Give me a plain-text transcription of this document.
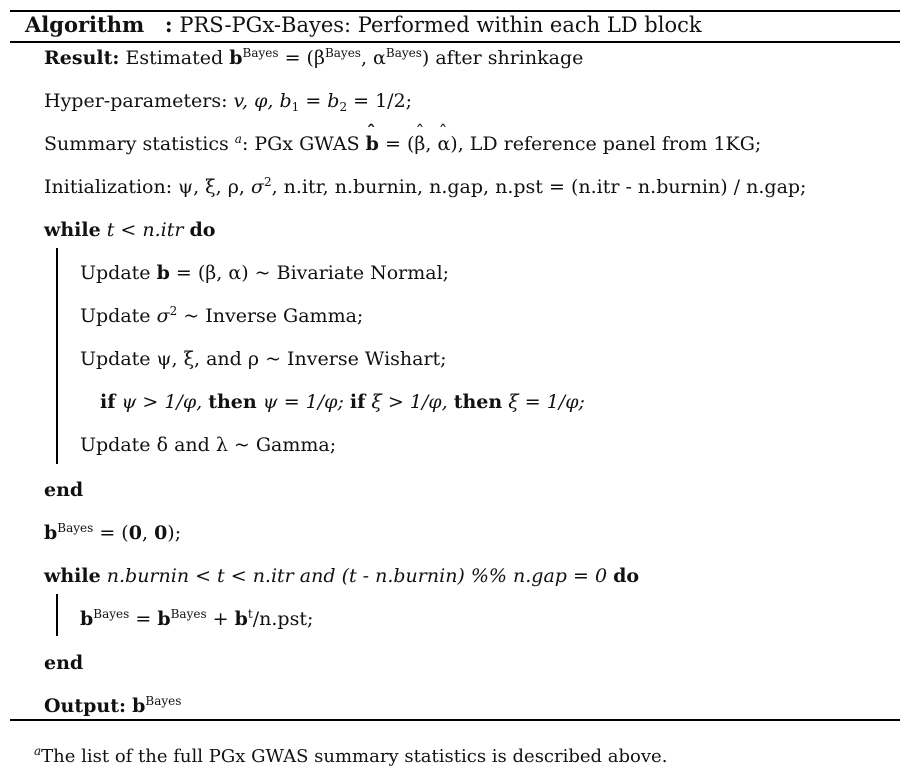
Algorithm : PRS-PGx-Bayes: Performed within each LD block
Result: Estimated $b^{Bayes} = (\beta^{Bayes}$, $\alpha^{Bayes}$) after shrinkage
Hyper-parameters: v, φ, $b_1 = b_2 = 1/2$;
Summary statistics $^a$: PGx GWAS ˆ b = (ˆ β, ˆ α), LD reference panel from 1KG;
Initialization: ψ, ξ, ρ, $\sigma^2$, n.itr, n.burnin, n.gap, n.pst = (n.itr - n.burnin) / n.gap;
while t < n.itr do
Update b = (β, α) ~ Bivariate Normal;
Update $\sigma^2$ ~ Inverse Gamma;
Update ψ, ξ, and ρ ~ Inverse Wishart;
if ψ > 1/φ, then ψ = 1/φ; if ξ > 1/φ, then ξ = 1/φ;
Update δ and λ ~ Gamma;
end
$b^{Bayes} = (0$, 0);
while n.burnin < t < n.itr and (t - n.burnin) %% n.gap = 0 do
$b^{Bayes} = b^{Bayes} + b^t/n.pst$;
end
Output: $b^{Bayes}$
$^a$The list of the full PGx GWAS summary statistics is described above.
